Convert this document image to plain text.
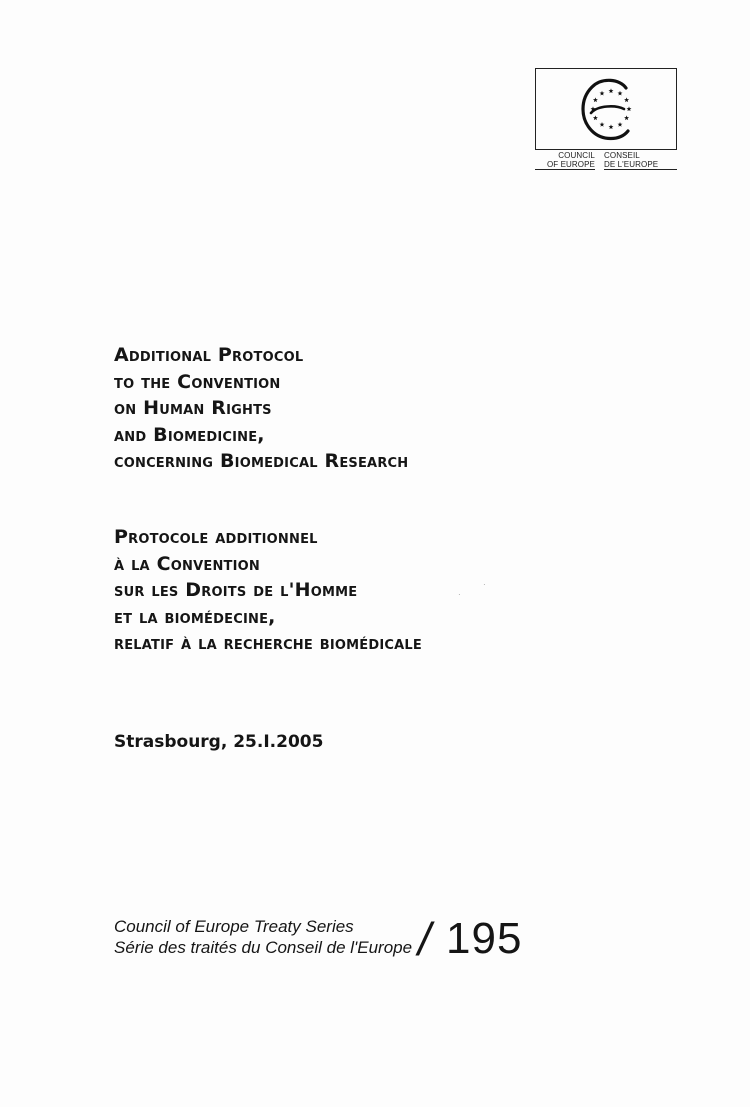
COUNCIL
OF EUROPE
CONSEIL
DE L'EUROPE
Additional Protocol
to the Convention
on Human Rights
and Biomedicine,
concerning Biomedical Research
Protocole additionnel
à la Convention
sur les Droits de l'Homme
et la biomédecine,
relatif à la recherche biomédicale
Strasbourg, 25.I.2005
Council of Europe Treaty Series
Série des traités du Conseil de l'Europe / 195
·
·
